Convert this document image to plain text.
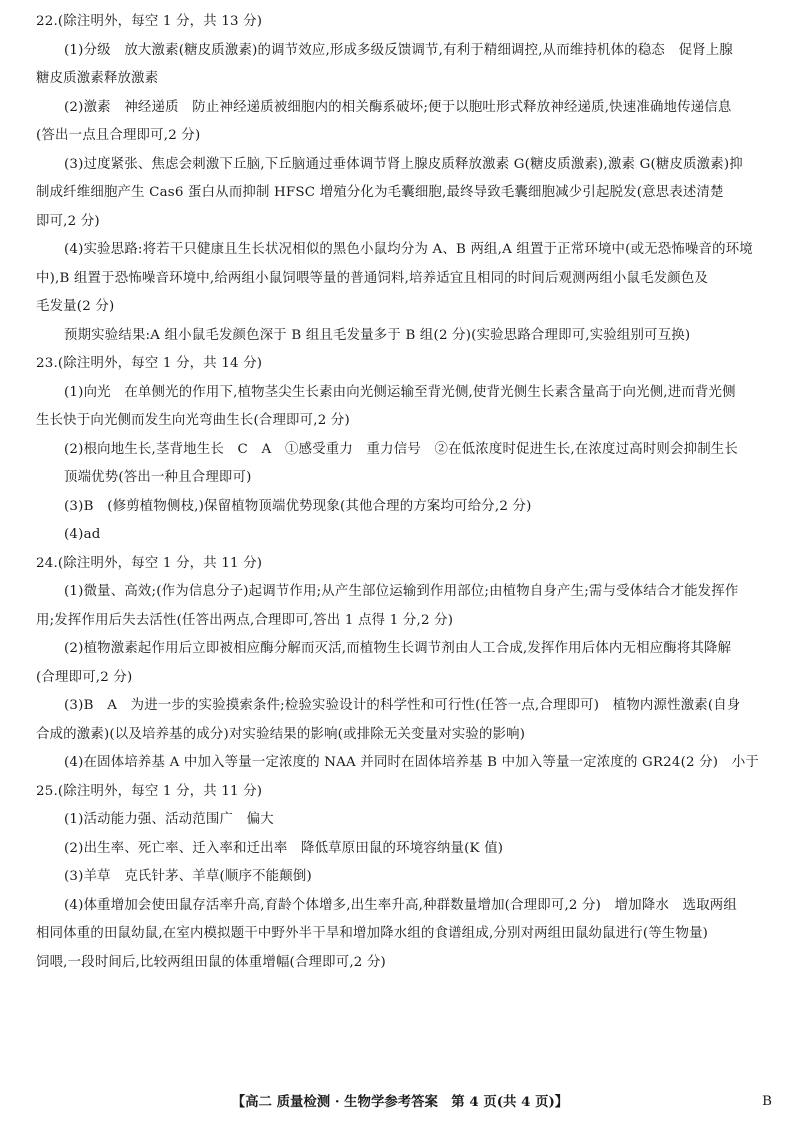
22.(除注明外，每空 1 分，共 13 分)
(1)分级　放大激素(糖皮质激素)的调节效应,形成多级反馈调节,有利于精细调控,从而维持机体的稳态　促肾上腺
糖皮质激素释放激素
(2)激素　神经递质　防止神经递质被细胞内的相关酶系破坏;便于以胞吐形式释放神经递质,快速准确地传递信息
(答出一点且合理即可,2 分)
(3)过度紧张、焦虑会刺激下丘脑,下丘脑通过垂体调节肾上腺皮质释放激素 G(糖皮质激素),激素 G(糖皮质激素)抑
制成纤维细胞产生 Cas6 蛋白从而抑制 HFSC 增殖分化为毛囊细胞,最终导致毛囊细胞减少引起脱发(意思表述清楚
即可,2 分)
(4)实验思路:将若干只健康且生长状况相似的黑色小鼠均分为 A、B 两组,A 组置于正常环境中(或无恐怖噪音的环境
中),B 组置于恐怖噪音环境中,给两组小鼠饲喂等量的普通饲料,培养适宜且相同的时间后观测两组小鼠毛发颜色及
毛发量(2 分)
预期实验结果:A 组小鼠毛发颜色深于 B 组且毛发量多于 B 组(2 分)(实验思路合理即可,实验组别可互换)
23.(除注明外，每空 1 分，共 14 分)
(1)向光　在单侧光的作用下,植物茎尖生长素由向光侧运输至背光侧,使背光侧生长素含量高于向光侧,进而背光侧
生长快于向光侧而发生向光弯曲生长(合理即可,2 分)
(2)根向地生长,茎背地生长　C　A　①感受重力　重力信号　②在低浓度时促进生长,在浓度过高时则会抑制生长
顶端优势(答出一种且合理即可)
(3)B　(修剪植物侧枝,)保留植物顶端优势现象(其他合理的方案均可给分,2 分)
(4)ad
24.(除注明外，每空 1 分，共 11 分)
(1)微量、高效;(作为信息分子)起调节作用;从产生部位运输到作用部位;由植物自身产生;需与受体结合才能发挥作
用;发挥作用后失去活性(任答出两点,合理即可,答出 1 点得 1 分,2 分)
(2)植物激素起作用后立即被相应酶分解而灭活,而植物生长调节剂由人工合成,发挥作用后体内无相应酶将其降解
(合理即可,2 分)
(3)B　A　为进一步的实验摸索条件;检验实验设计的科学性和可行性(任答一点,合理即可)　植物内源性激素(自身
合成的激素)(以及培养基的成分)对实验结果的影响(或排除无关变量对实验的影响)
(4)在固体培养基 A 中加入等量一定浓度的 NAA 并同时在固体培养基 B 中加入等量一定浓度的 GR24(2 分)　小于
25.(除注明外，每空 1 分，共 11 分)
(1)活动能力强、活动范围广　偏大
(2)出生率、死亡率、迁入率和迁出率　降低草原田鼠的环境容纳量(K 值)
(3)羊草　克氏针茅、羊草(顺序不能颠倒)
(4)体重增加会使田鼠存活率升高,育龄个体增多,出生率升高,种群数量增加(合理即可,2 分)　增加降水　选取两组
相同体重的田鼠幼鼠,在室内模拟题干中野外半干旱和增加降水组的食谱组成,分别对两组田鼠幼鼠进行(等生物量)
饲喂,一段时间后,比较两组田鼠的体重增幅(合理即可,2 分)
【高二 质量检测 · 生物学参考答案　第 4 页(共 4 页)】	B
